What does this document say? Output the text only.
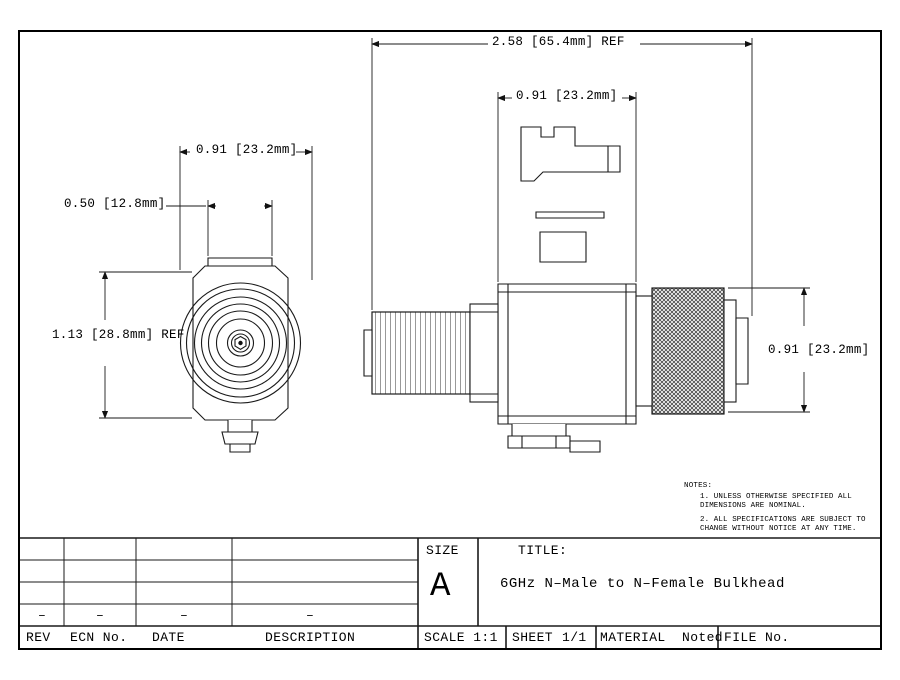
2.58 [65.4mm] REF
0.91 [23.2mm]
0.91 [23.2mm]
0.50 [12.8mm]
1.13 [28.8mm] REF
0.91 [23.2mm]
NOTES:
1. UNLESS OTHERWISE SPECIFIED ALL
DIMENSIONS ARE NOMINAL.
2. ALL SPECIFICATIONS ARE SUBJECT TO
CHANGE WITHOUT NOTICE AT ANY TIME.
–	–	–	–
REV ECN No. DATE	DESCRIPTION
SIZE
A
TITLE:
6GHz N–Male to N–Female Bulkhead
SCALE 1:1 SHEET 1/1 MATERIAL Noted FILE No.
